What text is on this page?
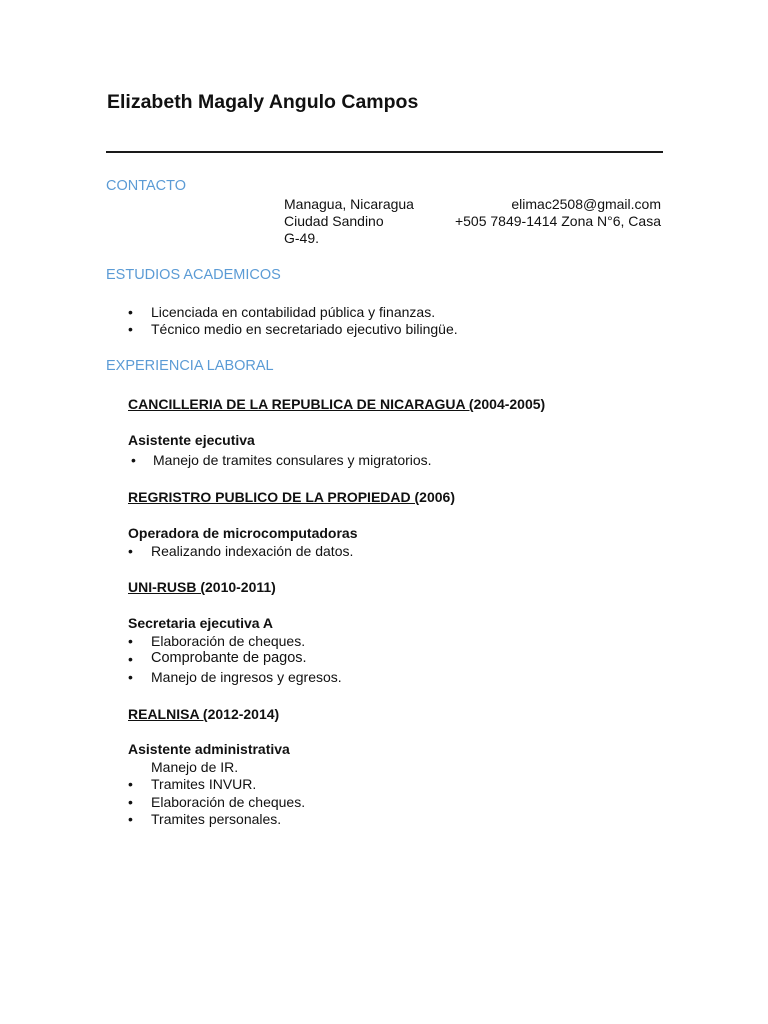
Elizabeth Magaly Angulo Campos
CONTACTO
Managua, Nicaragua
Ciudad Sandino
G-49.
elimac2508@gmail.com
+505 7849-1414 Zona N°6, Casa
ESTUDIOS ACADEMICOS
• Licenciada en contabilidad pública y finanzas.
• Técnico medio en secretariado ejecutivo bilingüe.
EXPERIENCIA LABORAL
CANCILLERIA DE LA REPUBLICA DE NICARAGUA (2004-2005)
Asistente ejecutiva
• Manejo de tramites consulares y migratorios.
REGRISTRO PUBLICO DE LA PROPIEDAD (2006)
Operadora de microcomputadoras
• Realizando indexación de datos.
UNI-RUSB (2010-2011)
Secretaria ejecutiva A
• Elaboración de cheques.
• Comprobante de pagos.
• Manejo de ingresos y egresos.
REALNISA (2012-2014)
Asistente administrativa
Manejo de IR.
• Tramites INVUR.
• Elaboración de cheques.
• Tramites personales.
